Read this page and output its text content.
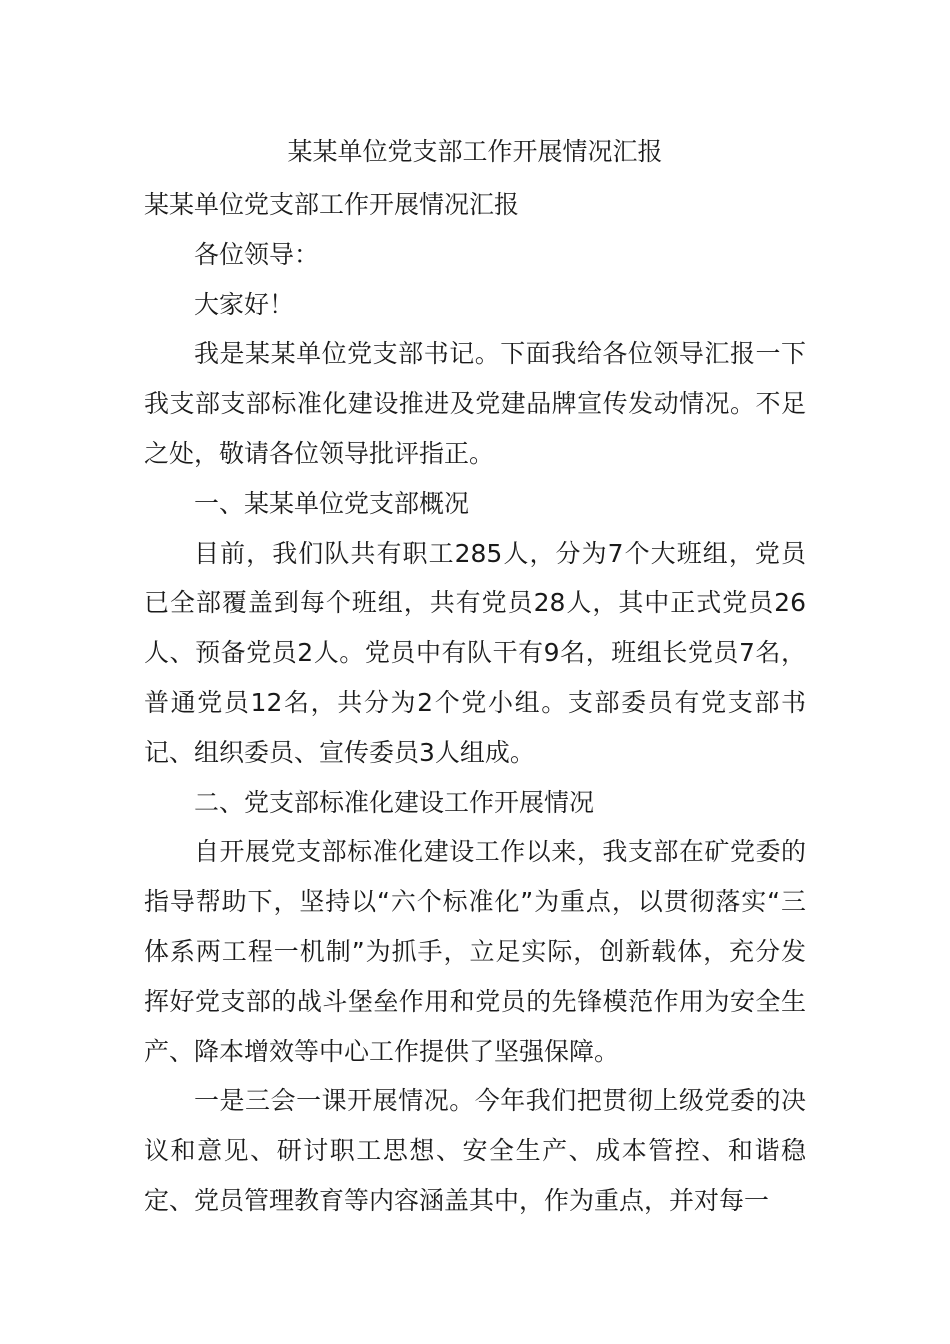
某某单位党支部工作开展情况汇报

某某单位党支部工作开展情况汇报

各位领导：

大家好！

我是某某单位党支部书记。下面我给各位领导汇报一下我支部支部标准化建设推进及党建品牌宣传发动情况。不足之处，敬请各位领导批评指正。

一、某某单位党支部概况

目前，我们队共有职工285人，分为7个大班组，党员已全部覆盖到每个班组，共有党员28人，其中正式党员26人、预备党员2人。党员中有队干有9名，班组长党员7名，普通党员12名，共分为2个党小组。支部委员有党支部书记、组织委员、宣传委员3人组成。

二、党支部标准化建设工作开展情况

自开展党支部标准化建设工作以来，我支部在矿党委的指导帮助下，坚持以“六个标准化”为重点，以贯彻落实“三体系两工程一机制”为抓手，立足实际，创新载体，充分发挥好党支部的战斗堡垒作用和党员的先锋模范作用为安全生产、降本增效等中心工作提供了坚强保障。

一是三会一课开展情况。今年我们把贯彻上级党委的决议和意见、研讨职工思想、安全生产、成本管控、和谐稳定、党员管理教育等内容涵盖其中，作为重点，并对每一
